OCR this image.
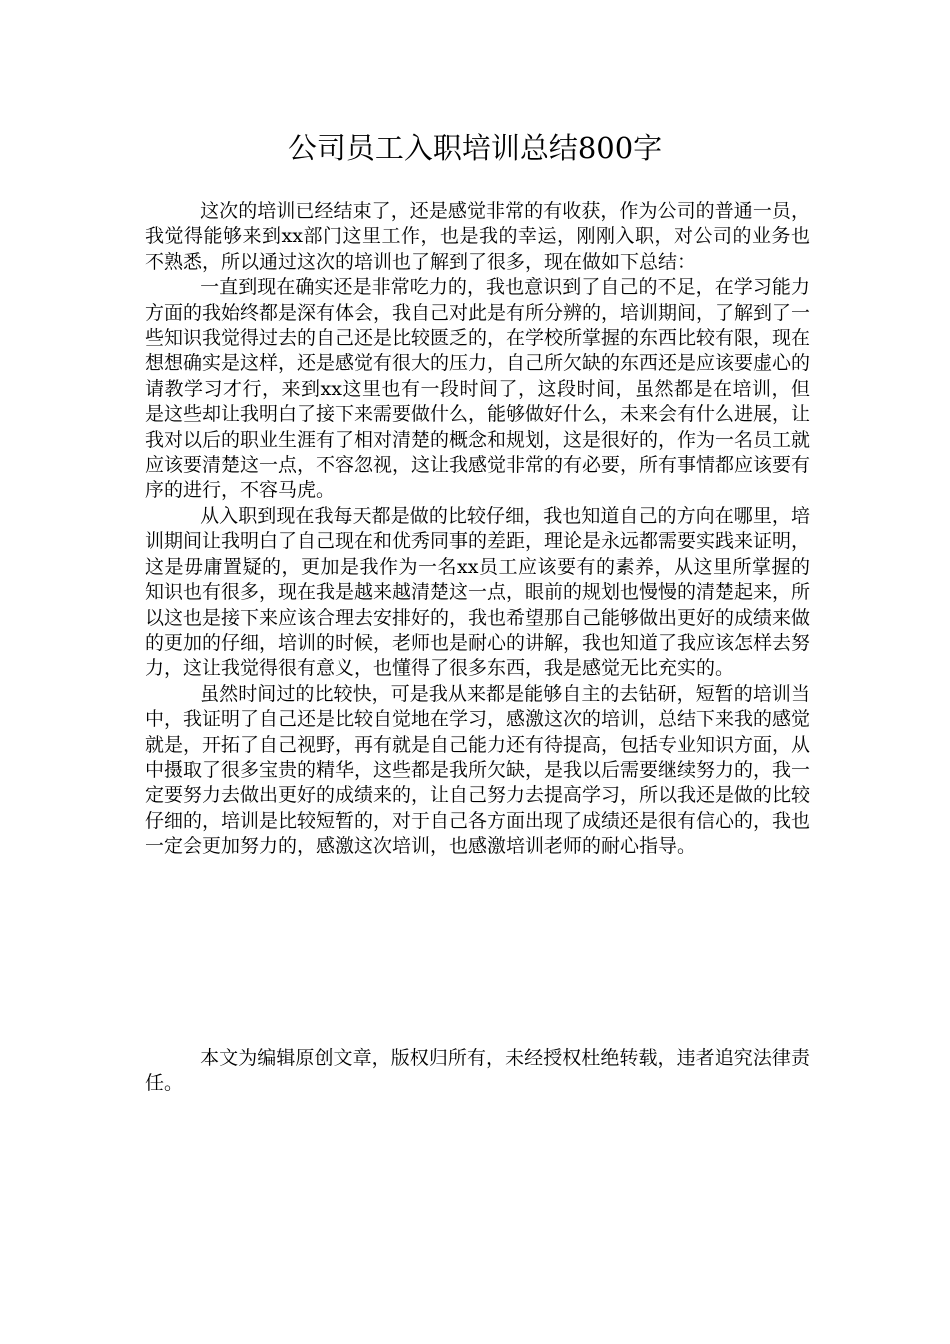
公司员工入职培训总结800字

这次的培训已经结束了，还是感觉非常的有收获，作为公司的普通一员，我觉得能够来到xx部门这里工作，也是我的幸运，刚刚入职，对公司的业务也不熟悉，所以通过这次的培训也了解到了很多，现在做如下总结：

一直到现在确实还是非常吃力的，我也意识到了自己的不足，在学习能力方面的我始终都是深有体会，我自己对此是有所分辨的，培训期间，了解到了一些知识我觉得过去的自己还是比较匮乏的，在学校所掌握的东西比较有限，现在想想确实是这样，还是感觉有很大的压力，自己所欠缺的东西还是应该要虚心的请教学习才行，来到xx这里也有一段时间了，这段时间，虽然都是在培训，但是这些却让我明白了接下来需要做什么，能够做好什么，未来会有什么进展，让我对以后的职业生涯有了相对清楚的概念和规划，这是很好的，作为一名员工就应该要清楚这一点，不容忽视，这让我感觉非常的有必要，所有事情都应该要有序的进行，不容马虎。

从入职到现在我每天都是做的比较仔细，我也知道自己的方向在哪里，培训期间让我明白了自己现在和优秀同事的差距，理论是永远都需要实践来证明，这是毋庸置疑的，更加是我作为一名xx员工应该要有的素养，从这里所掌握的知识也有很多，现在我是越来越清楚这一点，眼前的规划也慢慢的清楚起来，所以这也是接下来应该合理去安排好的，我也希望那自己能够做出更好的成绩来做的更加的仔细，培训的时候，老师也是耐心的讲解，我也知道了我应该怎样去努力，这让我觉得很有意义，也懂得了很多东西，我是感觉无比充实的。

虽然时间过的比较快，可是我从来都是能够自主的去钻研，短暂的培训当中，我证明了自己还是比较自觉地在学习，感激这次的培训，总结下来我的感觉就是，开拓了自己视野，再有就是自己能力还有待提高，包括专业知识方面，从中摄取了很多宝贵的精华，这些都是我所欠缺，是我以后需要继续努力的，我一定要努力去做出更好的成绩来的，让自己努力去提高学习，所以我还是做的比较仔细的，培训是比较短暂的，对于自己各方面出现了成绩还是很有信心的，我也一定会更加努力的，感激这次培训，也感激培训老师的耐心指导。

本文为编辑原创文章，版权归所有，未经授权杜绝转载，违者追究法律责任。
